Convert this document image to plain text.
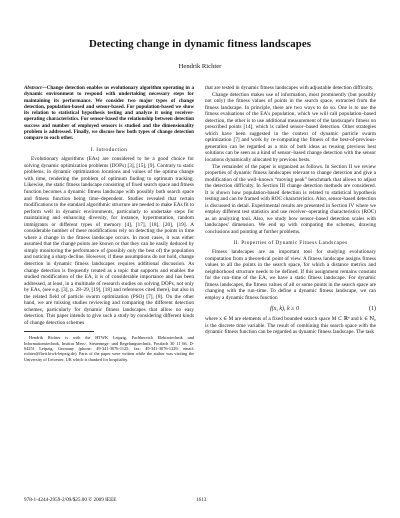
Detecting change in dynamic fitness landscapes
Hendrik Richter

Abstract—Change detection enables us evolutionary algorithm operating in a dynamic environment to respond with undertaking necessary steps for maintaining its performance. We consider two major types of change detection, population-based and sensor-based. For population-based we show its relation to statistical hypothesis testing and analyze it using receiver-operating characteristics. For sensor-based the relationship between detection success and number of employed sensors is studied and the dimensionality problem is addressed. Finally, we discuss how both types of change detection compare to each other.

I. Introduction

Evolutionary algorithms (EAs) are considered to be a good choice for solving dynamic optimization problems (DOPs) [3], [15], [9]. Contrary to static problems, in dynamic optimization locations and values of the optima change with time, rendering the problem of optimum finding to optimum tracking. Likewise, the static fitness landscape consisting of fixed search space and fitness function becomes a dynamic fitness landscape with possibly both search space and fitness function being time–dependent. Studies revealed that certain modifications to the standard algorithmic structure are needed to make EAs fit to perform well in dynamic environments, particularly to undertake steps for maintaining and enhancing diversity, for instance, hypermutation, random immigrants or different types of memory [4], [17], [18], [20], [19]. A considerable number of these modifications rely on detecting the points in time where a change in the fitness landscape occurs. In most cases, it was either assumed that the change points are known or that they can be easily deduced by simply monitoring the performance of (possibly only the best of) the population and noticing a sharp decline. However, if these assumptions do not hold, change detection in dynamic fitness landscapes requires additional discussion. As change detection is frequently treated as a topic that supports and enables the studied modification of the EA, it is of considerable importance and has been addressed, at least, in a multitude of research studies on solving DOPs, not only by EAs, (see e.g. [3], p. 28–29, [19], [18] and references cited there), but also in the related field of particle swarm optimization (PSO) [7], [8]. On the other hand, we are missing studies reviewing and comparing the different detection schemes, particularly for dynamic fitness landscapes that allow no easy detection. This paper intends to give such a study by considering different kinds of change detection schemes

Hendrik Richter is with the HTWK Leipzig, Fachbereich Elektrotechnik und Informationstechnik, Institut Mess-, Steuerungs- und Regelungstechnik, Postfach 30 11 66, D-04251 Leipzig, Germany (phone: 49-341-3076-1125; fax: 49-341-3076-1229; email: richter@fbeit.htwk-leipzig.de). Parts of the paper were written while the author was visiting the University of Leicester, UK which is thanked for hospitality.

that are tested in dynamic fitness landscapes with adjustable detection difficulty.

Change detection makes use of information, most prominently (but possibly not only) the fitness values of points in the search space, extracted from the fitness landscape. In principle, there are two ways to do so. One is to use the fitness evaluations of the EA's population, which we will call population–based detection, the other is to use additional measurement of the landscape's fitness on prescribed points [14], which is called sensor–based detection. Other strategies which have been suggested in the context of dynamic particle swarm optimization [7] and work by re-computing the fitness of the best-of-previous-generation can be regarded as a mix of both ideas as reusing previous best solutions can be seen as a kind of sensor–based change detection with the sensor locations dynamically allocated by previous bests.

The remainder of the paper is organized as follows. In Section II we review properties of dynamic fitness landscapes relevant to change detection and give a modification of the well–known “moving peak” benchmark that allows to adjust the detection difficulty. In Section III change detection methods are considered. It is shown how population-based detection is related to statistical hypothesis testing and can be framed with ROC characteristics. Also, sensor-based detection is discussed in detail. Experimental results are presented in Section IV where we employ different test statistics and use receiver–operating characteristics (ROC) as an analyzing tool. Also, we study how sensor–based detection scales with landscapes' dimension. We end up with comparing the schemes, drawing conclusions and pointing at further problems.

II. Properties of Dynamic Fitness Landscapes

Fitness landscapes are an important tool for studying evolutionary computation from a theoretical point of view. A fitness landscape assigns fitness values to all the points in the search space, for which a distance metrics and neighborhood structure needs to be defined. If this assignment remains constant for the run–time of the EA, we have a static fitness landscape. For dynamic fitness landscapes, the fitness values of all or some points in the search space are changing with the run–time. To define a dynamic fitness landscape, we can employ a dynamic fitness function

f(x, k), k ≥ 0	(1)

where x ∈ M are elements of a fixed bounded search space M ⊂ ℝⁿ and k ∈ ℕ₀ is the discrete time variable. The result of combining this search space with the dynamic fitness function can be regarded as dynamic fitness landscape. The task

978-1-4244-2959-2/09/$25.00 © 2009 IEEE	1613
